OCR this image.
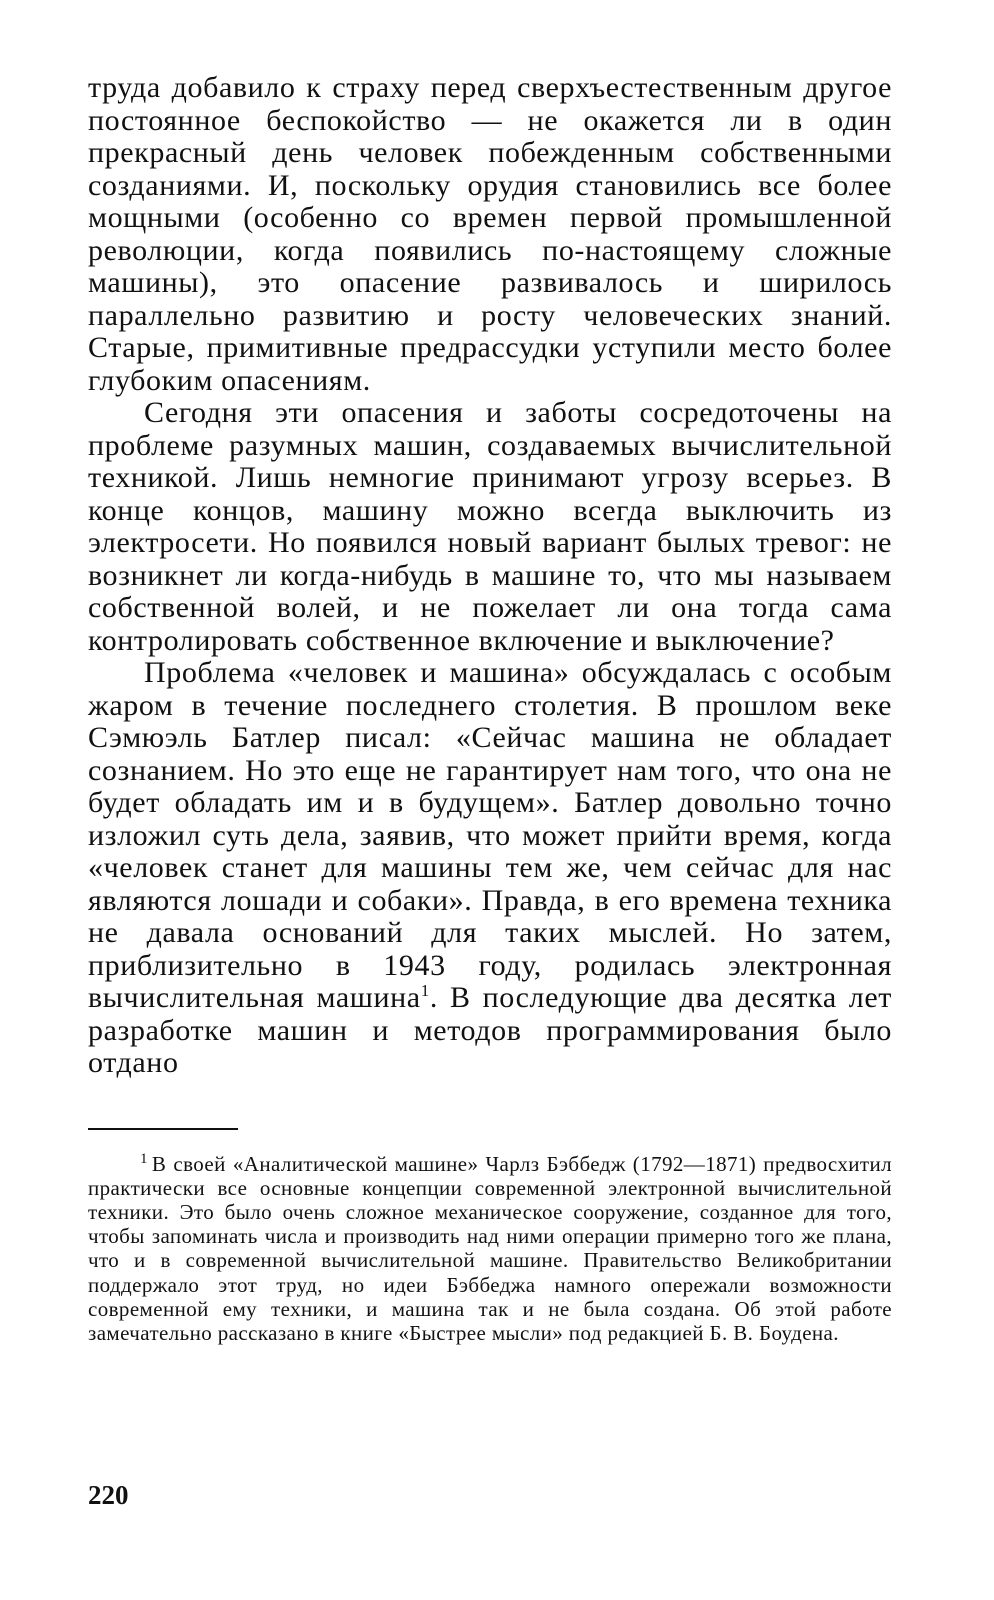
труда добавило к страху перед сверхъестественным другое постоянное беспокойство — не окажется ли в один прекрасный день человек побежденным собственными созданиями. И, поскольку орудия становились все более мощными (особенно со времен первой промышленной революции, когда появились по-настоящему сложные машины), это опасение развивалось и ширилось параллельно развитию и росту человеческих знаний. Старые, примитивные предрассудки уступили место более глубоким опасениям.

Сегодня эти опасения и заботы сосредоточены на проблеме разумных машин, создаваемых вычислительной техникой. Лишь немногие принимают угрозу всерьез. В конце концов, машину можно всегда выключить из электросети. Но появился новый вариант былых тревог: не возникнет ли когда-нибудь в машине то, что мы называем собственной волей, и не пожелает ли она тогда сама контролировать собственное включение и выключение?

Проблема «человек и машина» обсуждалась с особым жаром в течение последнего столетия. В прошлом веке Сэмюэль Батлер писал: «Сейчас машина не обладает сознанием. Но это еще не гарантирует нам того, что она не будет обладать им и в будущем». Батлер довольно точно изложил суть дела, заявив, что может прийти время, когда «человек станет для машины тем же, чем сейчас для нас являются лошади и собаки». Правда, в его времена техника не давала оснований для таких мыслей. Но затем, приблизительно в 1943 году, родилась электронная вычислительная машина$^1$. В последующие два десятка лет разработке машин и методов программирования было отдано

$^1$ В своей «Аналитической машине» Чарлз Бэббедж (1792—1871) предвосхитил практически все основные концепции современной электронной вычислительной техники. Это было очень сложное механическое сооружение, созданное для того, чтобы запоминать числа и производить над ними операции примерно того же плана, что и в современной вычислительной машине. Правительство Великобритании поддержало этот труд, но идеи Бэббеджа намного опережали возможности современной ему техники, и машина так и не была создана. Об этой работе замечательно рассказано в книге «Быстрее мысли» под редакцией Б. В. Боудена.

220
